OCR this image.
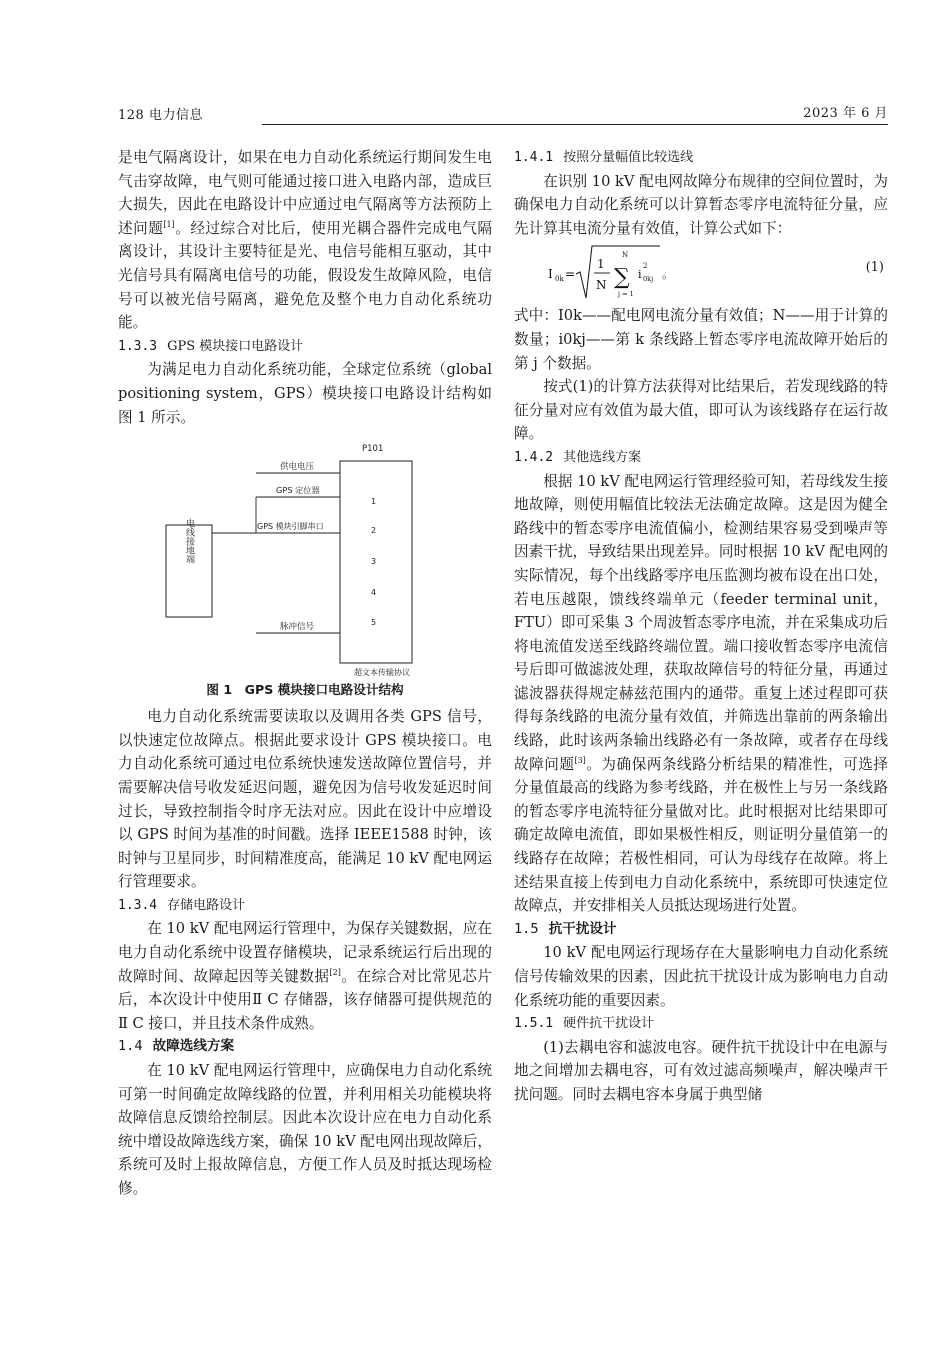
128 电力信息	2023 年 6 月

是电气隔离设计，如果在电力自动化系统运行期间发生电气击穿故障，电气则可能通过接口进入电路内部，造成巨大损失，因此在电路设计中应通过电气隔离等方法预防上述问题[1]。经过综合对比后，使用光耦合器件完成电气隔离设计，其设计主要特征是光、电信号能相互驱动，其中光信号具有隔离电信号的功能，假设发生故障风险，电信号可以被光信号隔离，避免危及整个电力自动化系统功能。

1.3.3 GPS 模块接口电路设计

为满足电力自动化系统功能，全球定位系统（global positioning system，GPS）模块接口电路设计结构如图 1 所示。

P101
电线接地端
供电电压
GPS 定位器
GPS 模块引脚串口
脉冲信号
1
2
3
4
5
超文本传输协议
图 1　GPS 模块接口电路设计结构

电力自动化系统需要读取以及调用各类 GPS 信号，以快速定位故障点。根据此要求设计 GPS 模块接口。电力自动化系统可通过电位系统快速发送故障位置信号，并需要解决信号收发延迟问题，避免因为信号收发延迟时间过长，导致控制指令时序无法对应。因此在设计中应增设以 GPS 时间为基准的时间戳。选择 IEEE1588 时钟，该时钟与卫星同步，时间精准度高，能满足 10 kV 配电网运行管理要求。

1.3.4 存储电路设计

在 10 kV 配电网运行管理中，为保存关键数据，应在电力自动化系统中设置存储模块，记录系统运行后出现的故障时间、故障起因等关键数据[2]。在综合对比常见芯片后，本次设计中使用Ⅱ C 存储器，该存储器可提供规范的Ⅱ C 接口，并且技术条件成熟。

1.4 故障选线方案

在 10 kV 配电网运行管理中，应确保电力自动化系统可第一时间确定故障线路的位置，并利用相关功能模块将故障信息反馈给控制层。因此本次设计应在电力自动化系统中增设故障选线方案，确保 10 kV 配电网出现故障后，系统可及时上报故障信息，方便工作人员及时抵达现场检修。

1.4.1 按照分量幅值比较选线

在识别 10 kV 配电网故障分布规律的空间位置时，为确保电力自动化系统可以计算暂态零序电流特征分量，应先计算其电流分量有效值，计算公式如下：

I 0k =
1
N
N
∑
j = 1
i
2
0kj 。	(1)

式中：I0k——配电网电流分量有效值；N——用于计算的数量；i0kj——第 k 条线路上暂态零序电流故障开始后的第 j 个数据。

按式(1)的计算方法获得对比结果后，若发现线路的特征分量对应有效值为最大值，即可认为该线路存在运行故障。

1.4.2 其他选线方案

根据 10 kV 配电网运行管理经验可知，若母线发生接地故障，则使用幅值比较法无法确定故障。这是因为健全路线中的暂态零序电流值偏小，检测结果容易受到噪声等因素干扰，导致结果出现差异。同时根据 10 kV 配电网的实际情况，每个出线路零序电压监测均被布设在出口处，若电压越限，馈线终端单元（feeder terminal unit，FTU）即可采集 3 个周波暂态零序电流，并在采集成功后将电流值发送至线路终端位置。端口接收暂态零序电流信号后即可做滤波处理，获取故障信号的特征分量，再通过滤波器获得规定赫兹范围内的通带。重复上述过程即可获得每条线路的电流分量有效值，并筛选出靠前的两条输出线路，此时该两条输出线路必有一条故障，或者存在母线故障问题[3]。为确保两条线路分析结果的精准性，可选择分量值最高的线路为参考线路，并在极性上与另一条线路的暂态零序电流特征分量做对比。此时根据对比结果即可确定故障电流值，即如果极性相反，则证明分量值第一的线路存在故障；若极性相同，可认为母线存在故障。将上述结果直接上传到电力自动化系统中，系统即可快速定位故障点，并安排相关人员抵达现场进行处置。

1.5 抗干扰设计

10 kV 配电网运行现场存在大量影响电力自动化系统信号传输效果的因素，因此抗干扰设计成为影响电力自动化系统功能的重要因素。

1.5.1 硬件抗干扰设计

(1)去耦电容和滤波电容。硬件抗干扰设计中在电源与地之间增加去耦电容，可有效过滤高频噪声，解决噪声干扰问题。同时去耦电容本身属于典型储
